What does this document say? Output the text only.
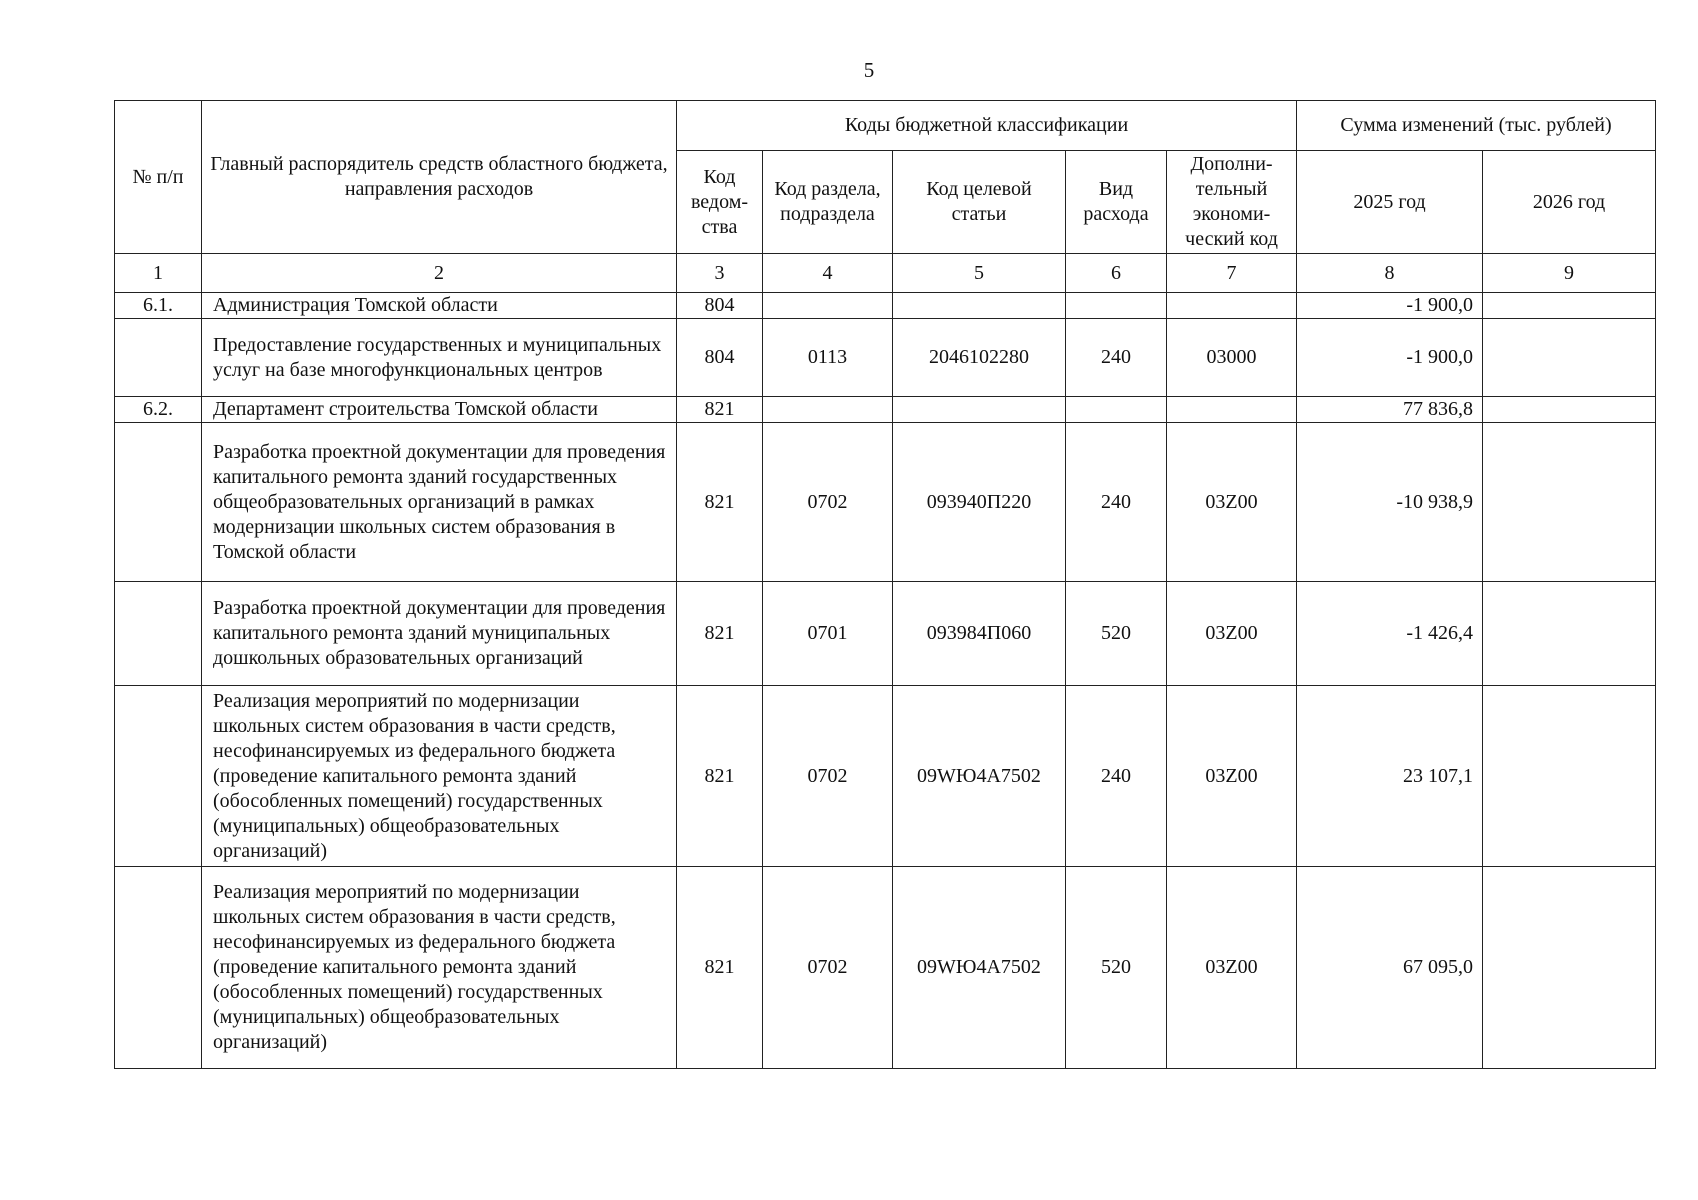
5
№ п/п	Главный распорядитель средств областного бюджета, направления расходов	Коды бюджетной классификации					Сумма изменений (тыс. рублей)	
		Код ведом-ства	Код раздела, подраздела	Код целевой статьи	Вид расхода	Дополни-тельный экономи-ческий код	2025 год	2026 год
1	2	3	4	5	6	7	8	9
6.1.	Администрация Томской области	804					-1 900,0	
	Предоставление государственных и муниципальных услуг на базе многофункциональных центров	804	0113	2046102280	240	03000	-1 900,0	
6.2.	Департамент строительства Томской области	821					77 836,8	
	Разработка проектной документации для проведения капитального ремонта зданий государственных общеобразовательных организаций в рамках модернизации школьных систем образования в Томской области	821	0702	093940П220	240	03Z00	-10 938,9	
	Разработка проектной документации для проведения капитального ремонта зданий муниципальных дошкольных образовательных организаций	821	0701	093984П060	520	03Z00	-1 426,4	
	Реализация мероприятий по модернизации школьных систем образования в части средств, несофинансируемых из федерального бюджета (проведение капитального ремонта зданий (обособленных помещений) государственных (муниципальных) общеобразовательных организаций)	821	0702	09WЮ4А7502	240	03Z00	23 107,1	
	Реализация мероприятий по модернизации школьных систем образования в части средств, несофинансируемых из федерального бюджета (проведение капитального ремонта зданий (обособленных помещений) государственных (муниципальных) общеобразовательных организаций)	821	0702	09WЮ4А7502	520	03Z00	67 095,0	
